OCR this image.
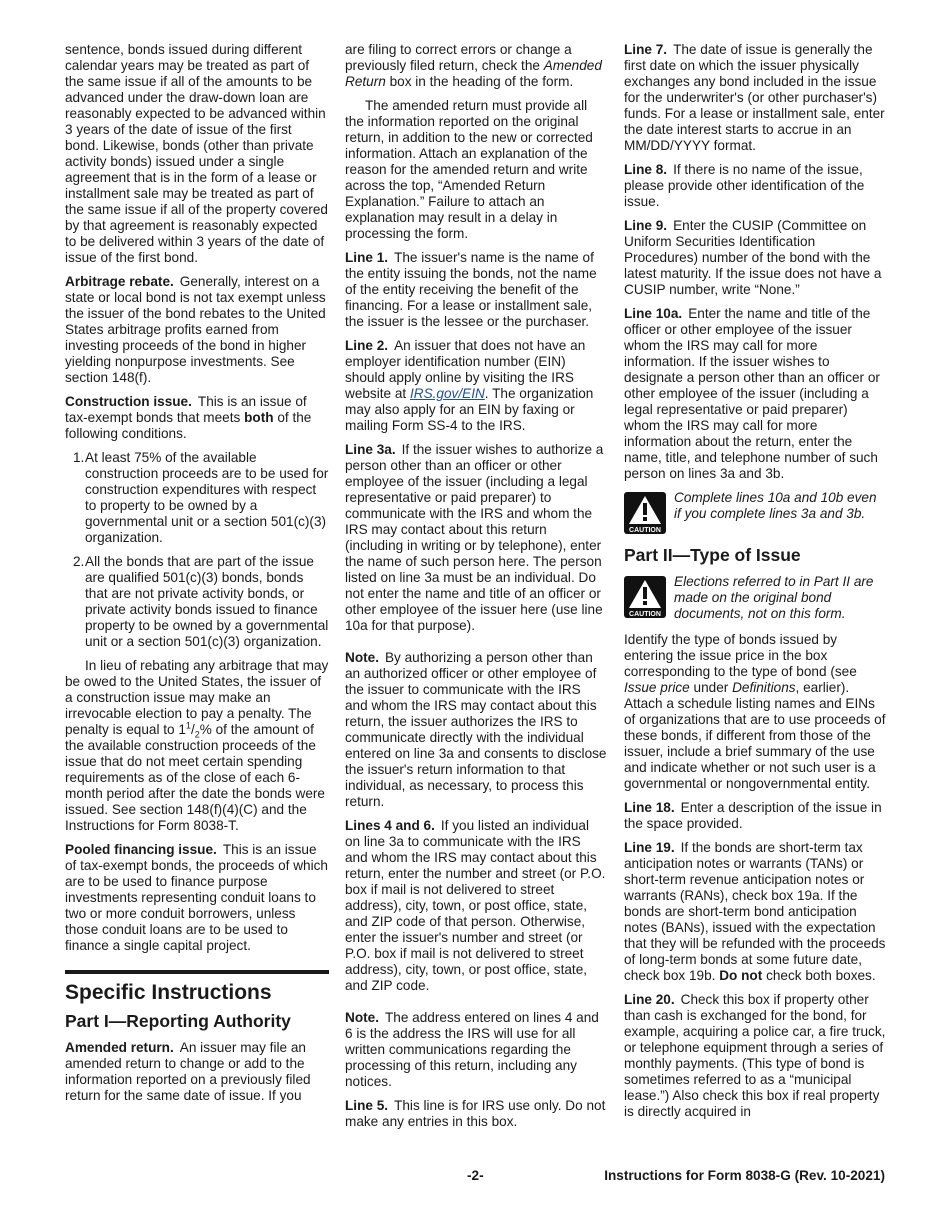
sentence, bonds issued during different calendar years may be treated as part of the same issue if all of the amounts to be advanced under the draw-down loan are reasonably expected to be advanced within 3 years of the date of issue of the first bond. Likewise, bonds (other than private activity bonds) issued under a single agreement that is in the form of a lease or installment sale may be treated as part of the same issue if all of the property covered by that agreement is reasonably expected to be delivered within 3 years of the date of issue of the first bond.

Arbitrage rebate. Generally, interest on a state or local bond is not tax exempt unless the issuer of the bond rebates to the United States arbitrage profits earned from investing proceeds of the bond in higher yielding nonpurpose investments. See section 148(f).

Construction issue. This is an issue of tax-exempt bonds that meets both of the following conditions.

1. At least 75% of the available construction proceeds are to be used for construction expenditures with respect to property to be owned by a governmental unit or a section 501(c)(3) organization.
2. All the bonds that are part of the issue are qualified 501(c)(3) bonds, bonds that are not private activity bonds, or private activity bonds issued to finance property to be owned by a governmental unit or a section 501(c)(3) organization.

In lieu of rebating any arbitrage that may be owed to the United States, the issuer of a construction issue may make an irrevocable election to pay a penalty. The penalty is equal to $1^1/_2\%$ of the amount of the available construction proceeds of the issue that do not meet certain spending requirements as of the close of each 6-month period after the date the bonds were issued. See section 148(f)(4)(C) and the Instructions for Form 8038-T.

Pooled financing issue. This is an issue of tax-exempt bonds, the proceeds of which are to be used to finance purpose investments representing conduit loans to two or more conduit borrowers, unless those conduit loans are to be used to finance a single capital project.

Specific Instructions
Part I—Reporting Authority

Amended return. An issuer may file an amended return to change or add to the information reported on a previously filed return for the same date of issue. If you

are filing to correct errors or change a previously filed return, check the Amended Return box in the heading of the form.

The amended return must provide all the information reported on the original return, in addition to the new or corrected information. Attach an explanation of the reason for the amended return and write across the top, “Amended Return Explanation.” Failure to attach an explanation may result in a delay in processing the form.

Line 1. The issuer's name is the name of the entity issuing the bonds, not the name of the entity receiving the benefit of the financing. For a lease or installment sale, the issuer is the lessee or the purchaser.

Line 2. An issuer that does not have an employer identification number (EIN) should apply online by visiting the IRS website at IRS.gov/EIN. The organization may also apply for an EIN by faxing or mailing Form SS-4 to the IRS.

Line 3a. If the issuer wishes to authorize a person other than an officer or other employee of the issuer (including a legal representative or paid preparer) to communicate with the IRS and whom the IRS may contact about this return (including in writing or by telephone), enter the name of such person here. The person listed on line 3a must be an individual. Do not enter the name and title of an officer or other employee of the issuer here (use line 10a for that purpose).

Note. By authorizing a person other than an authorized officer or other employee of the issuer to communicate with the IRS and whom the IRS may contact about this return, the issuer authorizes the IRS to communicate directly with the individual entered on line 3a and consents to disclose the issuer's return information to that individual, as necessary, to process this return.

Lines 4 and 6. If you listed an individual on line 3a to communicate with the IRS and whom the IRS may contact about this return, enter the number and street (or P.O. box if mail is not delivered to street address), city, town, or post office, state, and ZIP code of that person. Otherwise, enter the issuer's number and street (or P.O. box if mail is not delivered to street address), city, town, or post office, state, and ZIP code.

Note. The address entered on lines 4 and 6 is the address the IRS will use for all written communications regarding the processing of this return, including any notices.

Line 5. This line is for IRS use only. Do not make any entries in this box.

Line 7. The date of issue is generally the first date on which the issuer physically exchanges any bond included in the issue for the underwriter's (or other purchaser's) funds. For a lease or installment sale, enter the date interest starts to accrue in an MM/DD/YYYY format.

Line 8. If there is no name of the issue, please provide other identification of the issue.

Line 9. Enter the CUSIP (Committee on Uniform Securities Identification Procedures) number of the bond with the latest maturity. If the issue does not have a CUSIP number, write “None.”

Line 10a. Enter the name and title of the officer or other employee of the issuer whom the IRS may call for more information. If the issuer wishes to designate a person other than an officer or other employee of the issuer (including a legal representative or paid preparer) whom the IRS may call for more information about the return, enter the name, title, and telephone number of such person on lines 3a and 3b.

CAUTION
Complete lines 10a and 10b even if you complete lines 3a and 3b.
Part II—Type of Issue
CAUTION
Elections referred to in Part II are made on the original bond documents, not on this form.

Identify the type of bonds issued by entering the issue price in the box corresponding to the type of bond (see Issue price under Definitions, earlier). Attach a schedule listing names and EINs of organizations that are to use proceeds of these bonds, if different from those of the issuer, include a brief summary of the use and indicate whether or not such user is a governmental or nongovernmental entity.

Line 18. Enter a description of the issue in the space provided.

Line 19. If the bonds are short-term tax anticipation notes or warrants (TANs) or short-term revenue anticipation notes or warrants (RANs), check box 19a. If the bonds are short-term bond anticipation notes (BANs), issued with the expectation that they will be refunded with the proceeds of long-term bonds at some future date, check box 19b. Do not check both boxes.

Line 20. Check this box if property other than cash is exchanged for the bond, for example, acquiring a police car, a fire truck, or telephone equipment through a series of monthly payments. (This type of bond is sometimes referred to as a “municipal lease.”) Also check this box if real property is directly acquired in

-2-	Instructions for Form 8038-G (Rev. 10-2021)
